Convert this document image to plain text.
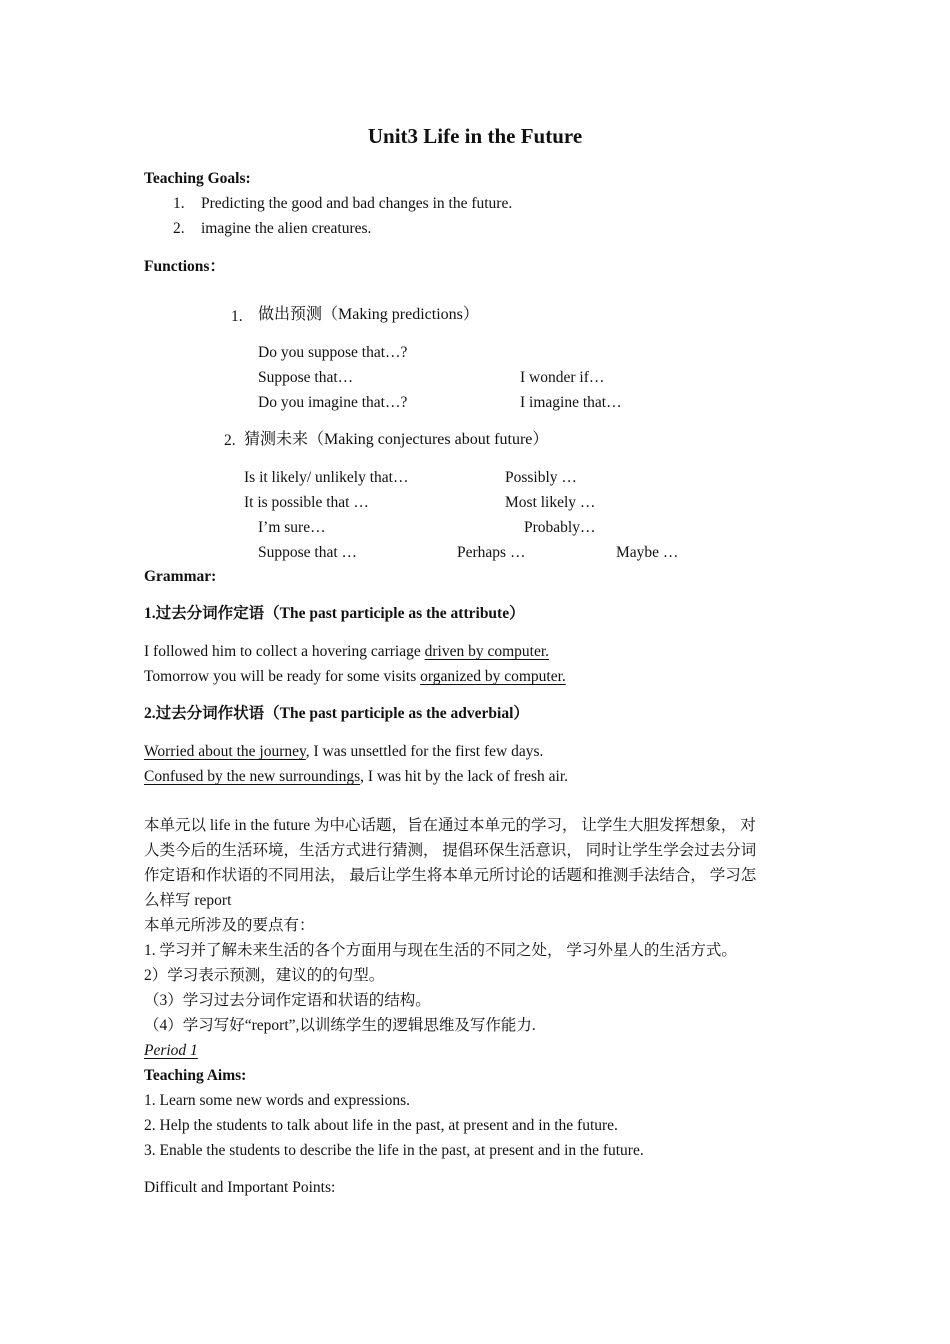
Unit3 Life in the Future
Teaching Goals:
1. Predicting the good and bad changes in the future.
2. imagine the alien creatures.
Functions：
1. 做出预测（Making predictions）
Do you suppose that…?
Suppose that…	I wonder if…
Do you imagine that…?	I imagine that…
2. 猜测未来（Making conjectures about future）
Is it likely/ unlikely that…	Possibly …
It is possible that …	Most likely …
I’m sure…	Probably…
Suppose that …	Perhaps …	Maybe …
Grammar:
1.过去分词作定语（The past participle as the attribute）
I followed him to collect a hovering carriage driven by computer.
Tomorrow you will be ready for some visits organized by computer.
2.过去分词作状语（The past participle as the adverbial）
Worried about the journey, I was unsettled for the first few days.
Confused by the new surroundings, I was hit by the lack of fresh air.
本单元以 life in the future 为中心话题，旨在通过本单元的学习， 让学生大胆发挥想象， 对
人类今后的生活环境，生活方式进行猜测， 提倡环保生活意识， 同时让学生学会过去分词
作定语和作状语的不同用法， 最后让学生将本单元所讨论的话题和推测手法结合， 学习怎
么样写 report
本单元所涉及的要点有：
1. 学习并了解未来生活的各个方面用与现在生活的不同之处， 学习外星人的生活方式。
2）学习表示预测，建议的的句型。
（3）学习过去分词作定语和状语的结构。
（4）学习写好“report”,以训练学生的逻辑思维及写作能力.
Period 1
Teaching Aims:
1. Learn some new words and expressions.
2. Help the students to talk about life in the past, at present and in the future.
3. Enable the students to describe the life in the past, at present and in the future.
Difficult and Important Points:
